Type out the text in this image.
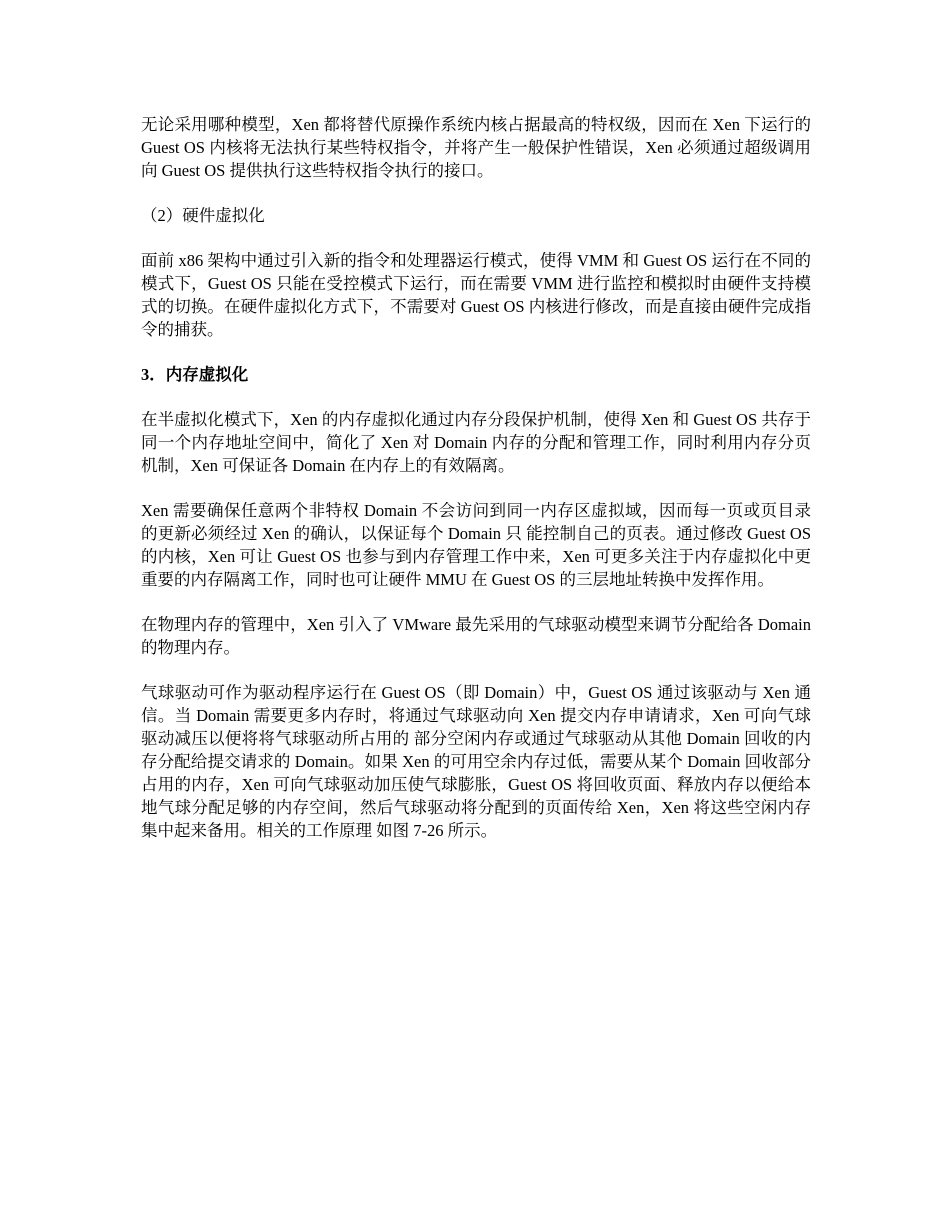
无论采用哪种模型，Xen 都将替代原操作系统内核占据最高的特权级，因而在 Xen 下运行的 Guest OS 内核将无法执行某些特权指令，并将产生一般保护性错误，Xen 必须通过超级调用向 Guest OS 提供执行这些特权指令执行的接口。

（2）硬件虚拟化

面前 x86 架构中通过引入新的指令和处理器运行模式，使得 VMM 和 Guest OS 运行在不同的模式下，Guest OS 只能在受控模式下运行，而在需要 VMM 进行监控和模拟时由硬件支持模式的切换。在硬件虚拟化方式下，不需要对 Guest OS 内核进行修改，而是直接由硬件完成指令的捕获。

3．内存虚拟化

在半虚拟化模式下，Xen 的内存虚拟化通过内存分段保护机制，使得 Xen 和 Guest OS 共存于同一个内存地址空间中，简化了 Xen 对 Domain 内存的分配和管理工作，同时利用内存分页机制，Xen 可保证各 Domain 在内存上的有效隔离。

Xen 需要确保任意两个非特权 Domain 不会访问到同一内存区虚拟域，因而每一页或页目录的更新必须经过 Xen 的确认，以保证每个 Domain 只 能控制自己的页表。通过修改 Guest OS 的内核，Xen 可让 Guest OS 也参与到内存管理工作中来，Xen 可更多关注于内存虚拟化中更重要的内存隔离工作，同时也可让硬件 MMU 在 Guest OS 的三层地址转换中发挥作用。

在物理内存的管理中，Xen 引入了 VMware 最先采用的气球驱动模型来调节分配给各 Domain 的物理内存。

气球驱动可作为驱动程序运行在 Guest OS（即 Domain）中，Guest OS 通过该驱动与 Xen 通信。当 Domain 需要更多内存时，将通过气球驱动向 Xen 提交内存申请请求，Xen 可向气球驱动减压以便将将气球驱动所占用的 部分空闲内存或通过气球驱动从其他 Domain 回收的内存分配给提交请求的 Domain。如果 Xen 的可用空余内存过低，需要从某个 Domain 回收部分 占用的内存，Xen 可向气球驱动加压使气球膨胀，Guest OS 将回收页面、释放内存以便给本地气球分配足够的内存空间，然后气球驱动将分配到的页面传给 Xen，Xen 将这些空闲内存集中起来备用。相关的工作原理 如图 7-26 所示。
